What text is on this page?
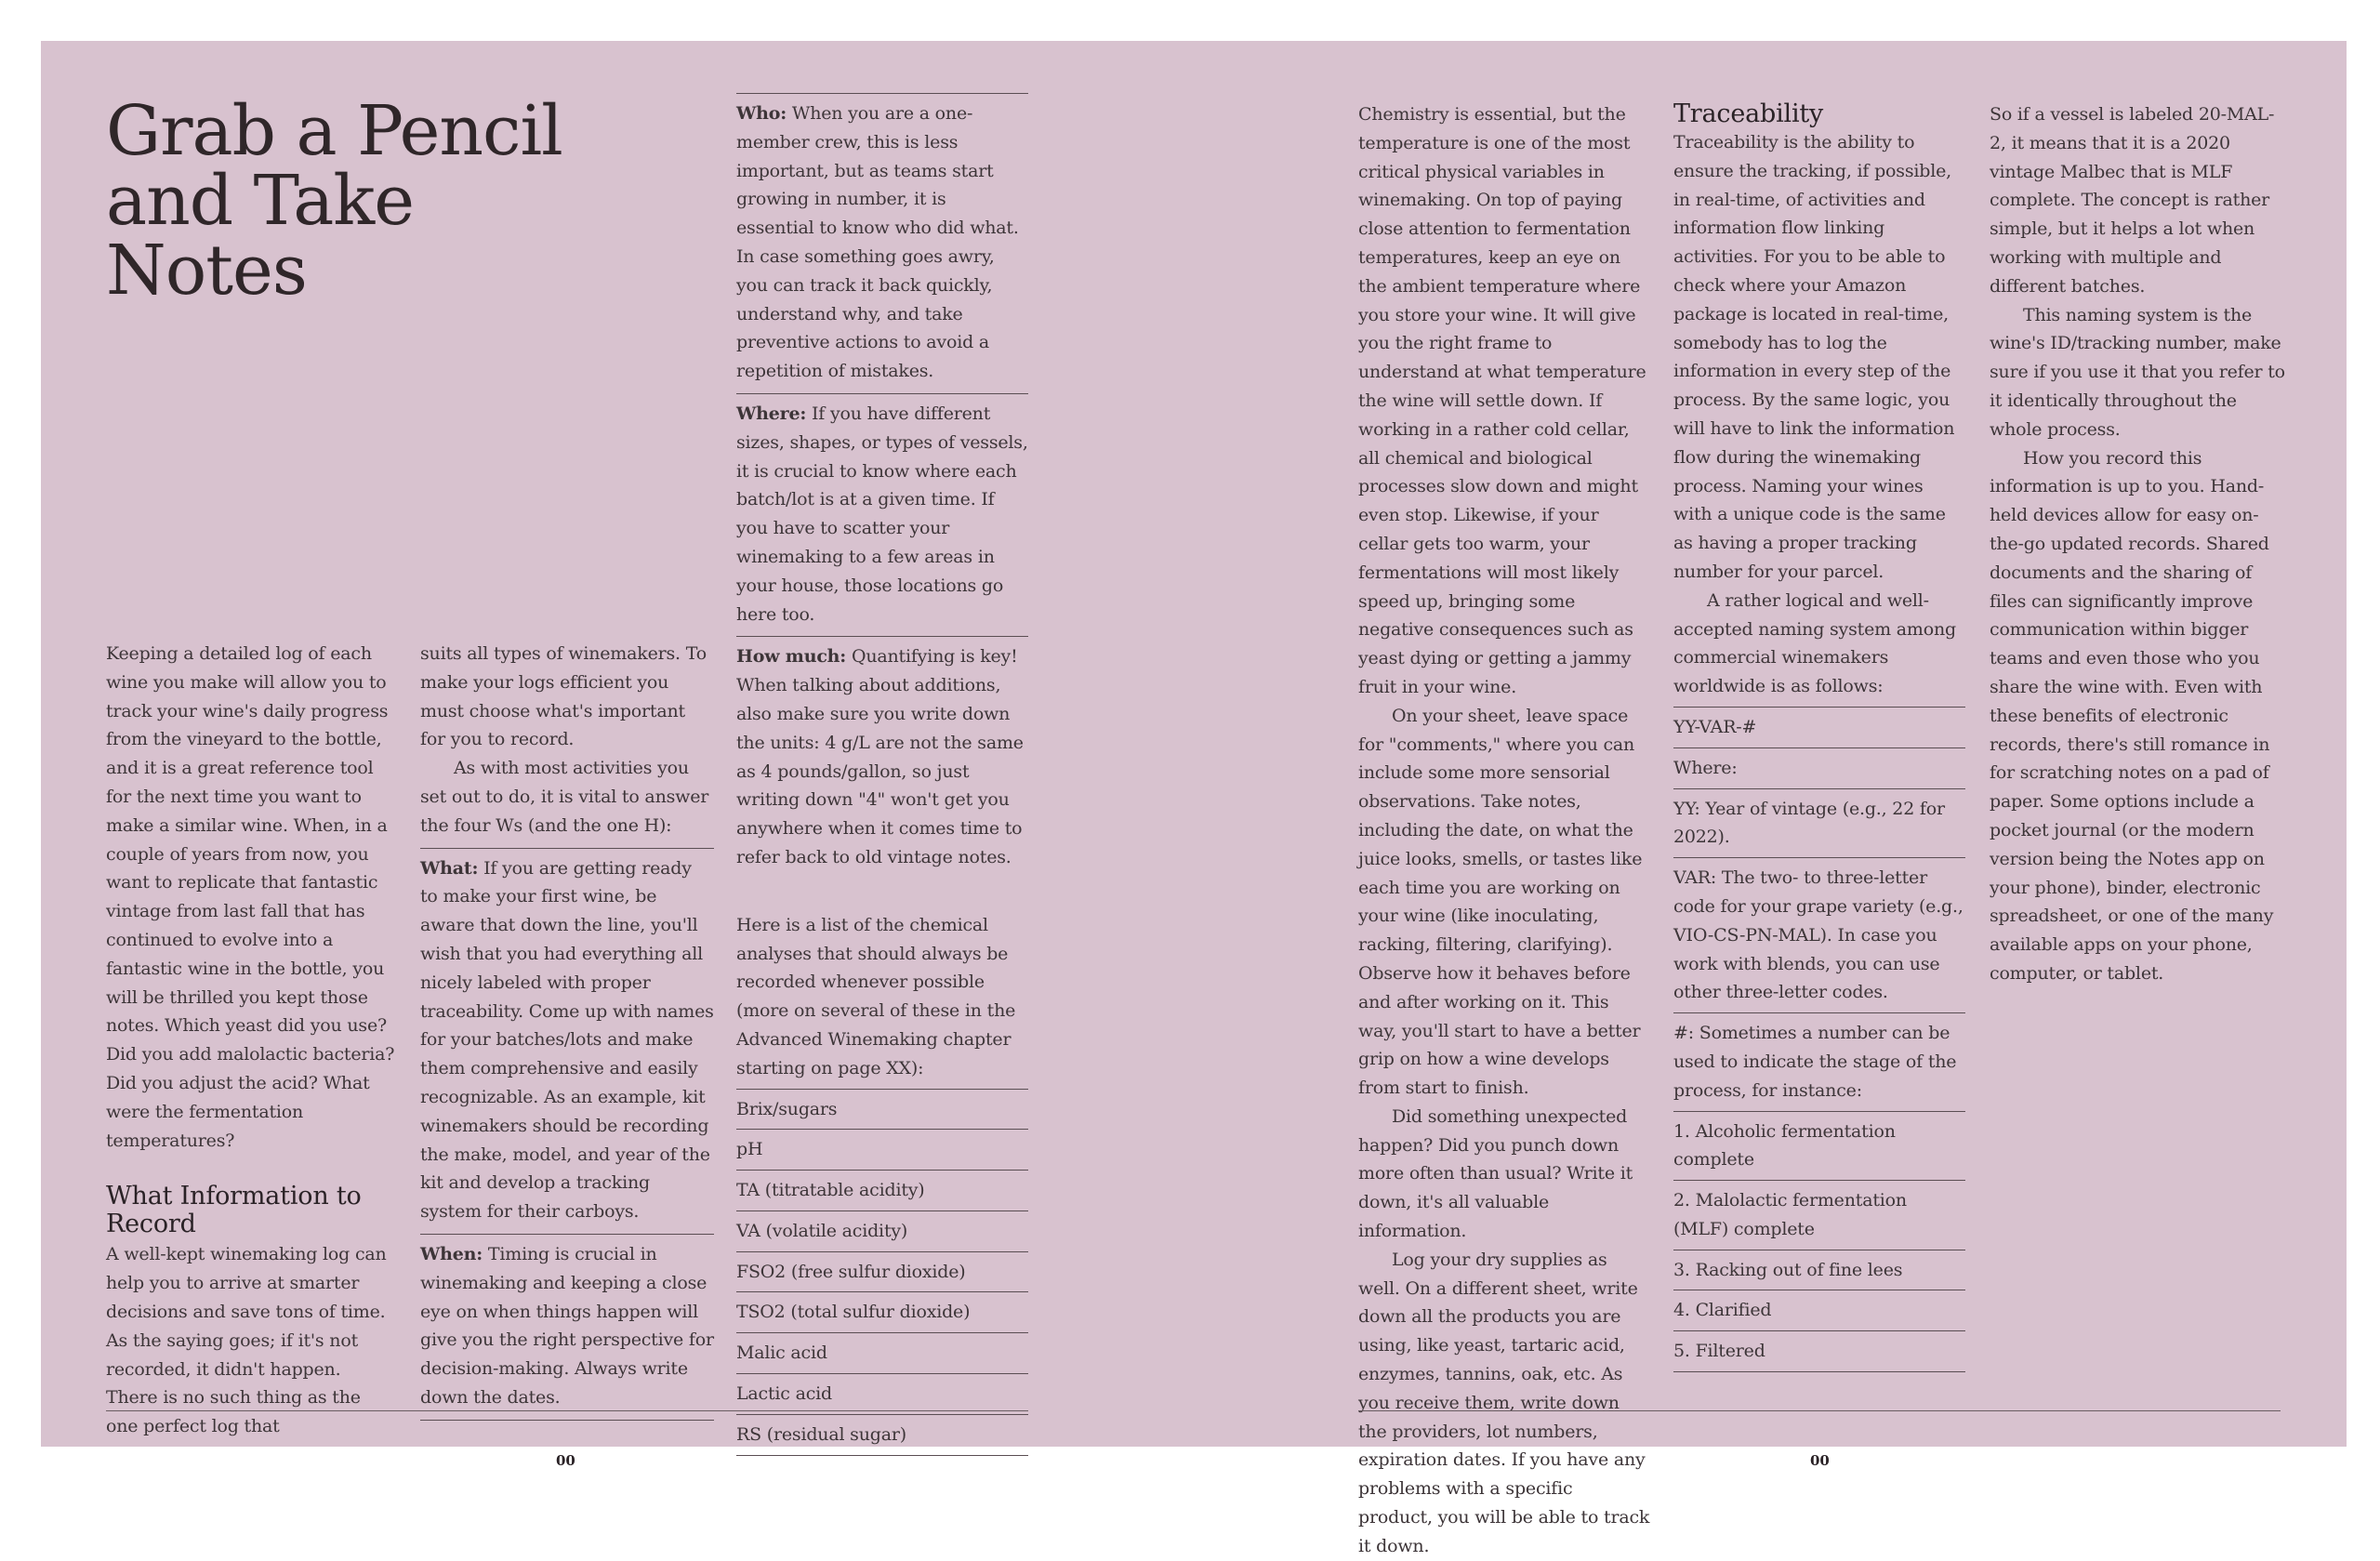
Grab a Pencil and Take Notes

Keeping a detailed log of each wine you make will allow you to track your wine's daily progress from the vineyard to the bottle, and it is a great reference tool for the next time you want to make a similar wine. When, in a couple of years from now, you want to replicate that fantastic vintage from last fall that has continued to evolve into a fantastic wine in the bottle, you will be thrilled you kept those notes. Which yeast did you use? Did you add malolactic bacteria? Did you adjust the acid? What were the fermentation temperatures?

What Information to Record

A well-kept winemaking log can help you to arrive at smarter decisions and save tons of time. As the saying goes; if it's not recorded, it didn't happen. There is no such thing as the one perfect log that

suits all types of winemakers. To make your logs efficient you must choose what's important for you to record.

As with most activities you set out to do, it is vital to answer the four Ws (and the one H):

What: If you are getting ready to make your first wine, be aware that down the line, you'll wish that you had everything all nicely labeled with proper traceability. Come up with names for your batches/lots and make them comprehensive and easily recognizable. As an example, kit winemakers should be recording the make, model, and year of the kit and develop a tracking system for their carboys.
When: Timing is crucial in winemaking and keeping a close eye on when things happen will give you the right perspective for decision-making. Always write down the dates.
Who: When you are a one-member crew, this is less important, but as teams start growing in number, it is essential to know who did what. In case something goes awry, you can track it back quickly, understand why, and take preventive actions to avoid a repetition of mistakes.
Where: If you have different sizes, shapes, or types of vessels, it is crucial to know where each batch/lot is at a given time. If you have to scatter your winemaking to a few areas in your house, those locations go here too.
How much: Quantifying is key! When talking about additions, also make sure you write down the units: 4 g/L are not the same as 4 pounds/gallon, so just writing down "4" won't get you anywhere when it comes time to refer back to old vintage notes.

Here is a list of the chemical analyses that should always be recorded whenever possible (more on several of these in the Advanced Winemaking chapter starting on page XX):

Brix/sugars
pH
TA (titratable acidity)
VA (volatile acidity)
FSO2 (free sulfur dioxide)
TSO2 (total sulfur dioxide)
Malic acid
Lactic acid
RS (residual sugar)
00

Chemistry is essential, but the temperature is one of the most critical physical variables in winemaking. On top of paying close attention to fermentation temperatures, keep an eye on the ambient temperature where you store your wine. It will give you the right frame to understand at what temperature the wine will settle down. If working in a rather cold cellar, all chemical and biological processes slow down and might even stop. Likewise, if your cellar gets too warm, your fermentations will most likely speed up, bringing some negative consequences such as yeast dying or getting a jammy fruit in your wine.

On your sheet, leave space for "comments," where you can include some more sensorial observations. Take notes, including the date, on what the juice looks, smells, or tastes like each time you are working on your wine (like inoculating, racking, filtering, clarifying). Observe how it behaves before and after working on it. This way, you'll start to have a better grip on how a wine develops from start to finish.

Did something unexpected happen? Did you punch down more often than usual? Write it down, it's all valuable information.

Log your dry supplies as well. On a different sheet, write down all the products you are using, like yeast, tartaric acid, enzymes, tannins, oak, etc. As you receive them, write down the providers, lot numbers, expiration dates. If you have any problems with a specific product, you will be able to track it down.

Traceability

Traceability is the ability to ensure the tracking, if possible, in real-time, of activities and information flow linking activities. For you to be able to check where your Amazon package is located in real-time, somebody has to log the information in every step of the process. By the same logic, you will have to link the information flow during the winemaking process. Naming your wines with a unique code is the same as having a proper tracking number for your parcel.

A rather logical and well-accepted naming system among commercial winemakers worldwide is as follows:

YY-VAR-#
Where:
YY: Year of vintage (e.g., 22 for 2022).
VAR: The two- to three-letter code for your grape variety (e.g., VIO-CS-PN-MAL). In case you work with blends, you can use other three-letter codes.
#: Sometimes a number can be used to indicate the stage of the process, for instance:
1. Alcoholic fermentation complete
2. Malolactic fermentation (MLF) complete
3. Racking out of fine lees
4. Clarified
5. Filtered

So if a vessel is labeled 20-MAL-2, it means that it is a 2020 vintage Malbec that is MLF complete. The concept is rather simple, but it helps a lot when working with multiple and different batches.

This naming system is the wine's ID/tracking number, make sure if you use it that you refer to it identically throughout the whole process.

How you record this information is up to you. Hand-held devices allow for easy on-the-go updated records. Shared documents and the sharing of files can significantly improve communication within bigger teams and even those who you share the wine with. Even with these benefits of electronic records, there's still romance in for scratching notes on a pad of paper. Some options include a pocket journal (or the modern version being the Notes app on your phone), binder, electronic spreadsheet, or one of the many available apps on your phone, computer, or tablet.

00
